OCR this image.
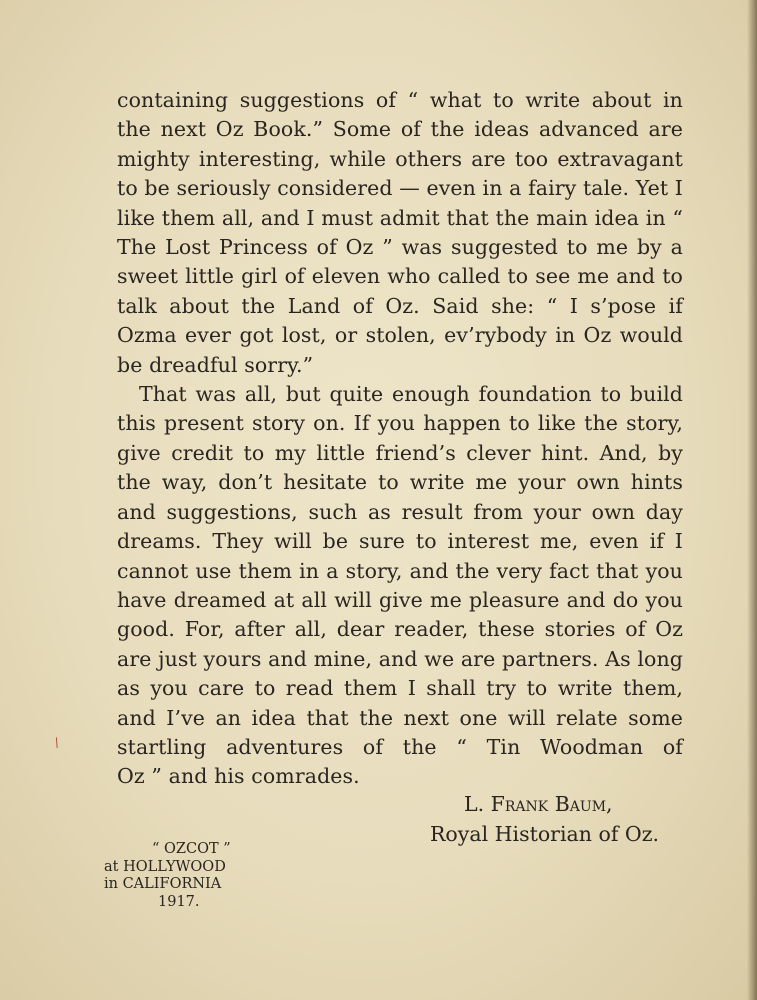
containing suggestions of “ what to write about in the next Oz Book.” Some of the ideas advanced are mighty interesting, while others are too extravagant to be seriously considered — even in a fairy tale. Yet I like them all, and I must admit that the main idea in “ The Lost Princess of Oz ” was suggested to me by a sweet little girl of eleven who called to see me and to talk about the Land of Oz. Said she: “ I s’pose if Ozma ever got lost, or stolen, ev’rybody in Oz would

be dreadful sorry.”

That was all, but quite enough foundation to build this present story on. If you happen to like the story, give credit to my little friend’s clever hint. And, by the way, don’t hesitate to write me your own hints and suggestions, such as result from your own day dreams. They will be sure to interest me, even if I cannot use them in a story, and the very fact that you have dreamed at all will give me pleasure and do you good. For, after all, dear reader, these stories of Oz are just yours and mine, and we are partners. As long as you care to read them I shall try to write them, and I’ve an idea that the next one will relate some startling adventures of the “ Tin Woodman of

Oz ” and his comrades.

L. Frank Baum,
Royal Historian of Oz.
“ OZCOT ”
at HOLLYWOOD
in CALIFORNIA
1917.
⁄
